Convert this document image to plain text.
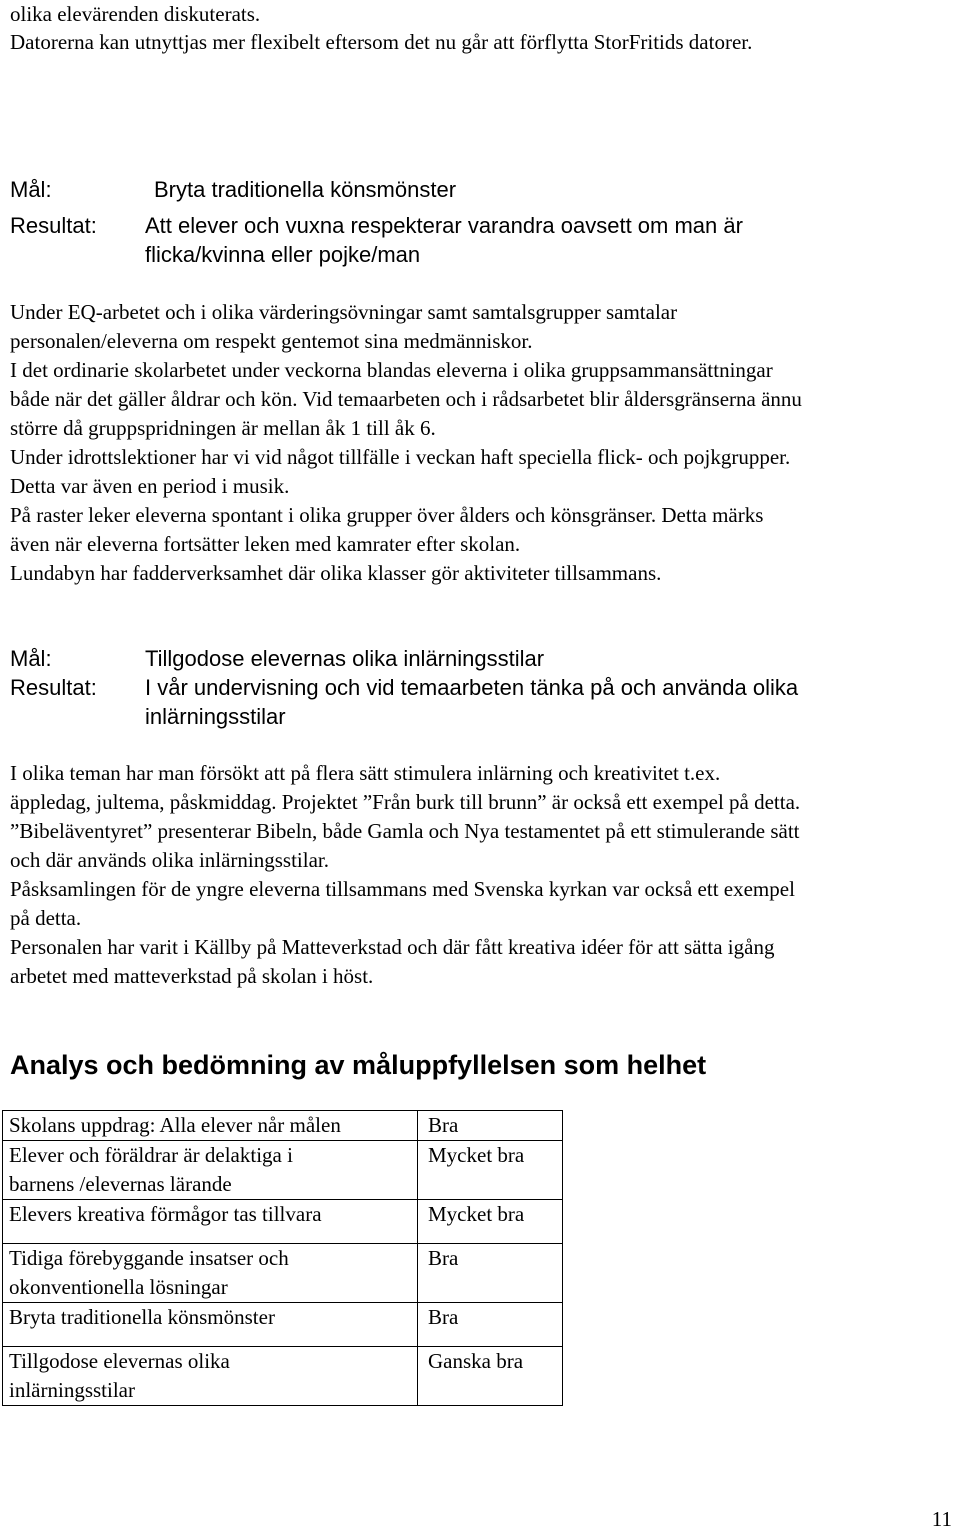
olika elevärenden diskuterats.
Datorerna kan utnyttjas mer flexibelt eftersom det nu går att förflytta StorFritids datorer.
Mål:	Bryta traditionella könsmönster
Resultat: Att elever och vuxna respekterar varandra oavsett om man är
flicka/kvinna eller pojke/man
Under EQ-arbetet och i olika värderingsövningar samt samtalsgrupper samtalar
personalen/eleverna om respekt gentemot sina medmänniskor.
I det ordinarie skolarbetet under veckorna blandas eleverna i olika gruppsammansättningar
både när det gäller åldrar och kön. Vid temaarbeten och i rådsarbetet blir åldersgränserna ännu
större då gruppspridningen är mellan åk 1 till åk 6.
Under idrottslektioner har vi vid något tillfälle i veckan haft speciella flick- och pojkgrupper.
Detta var även en period i musik.
På raster leker eleverna spontant i olika grupper över ålders och könsgränser. Detta märks
även när eleverna fortsätter leken med kamrater efter skolan.
Lundabyn har fadderverksamhet där olika klasser gör aktiviteter tillsammans.
Mål:	Tillgodose elevernas olika inlärningsstilar
Resultat: I vår undervisning och vid temaarbeten tänka på och använda olika
inlärningsstilar
I olika teman har man försökt att på flera sätt stimulera inlärning och kreativitet t.ex.
äppledag, jultema, påskmiddag. Projektet ”Från burk till brunn” är också ett exempel på detta.
”Bibeläventyret” presenterar Bibeln, både Gamla och Nya testamentet på ett stimulerande sätt
och där används olika inlärningsstilar.
Påsksamlingen för de yngre eleverna tillsammans med Svenska kyrkan var också ett exempel
på detta.
Personalen har varit i Källby på Matteverkstad och där fått kreativa idéer för att sätta igång
arbetet med matteverkstad på skolan i höst.
Analys och bedömning av måluppfyllelsen som helhet
Skolans uppdrag: Alla elever når målen	Bra

Elever och föräldrar är delaktiga i
barnens /elevernas lärande	Mycket bra

Elevers kreativa förmågor tas tillvara	Mycket bra

Tidiga förebyggande insatser och
okonventionella lösningar	Bra

Bryta traditionella könsmönster	Bra

Tillgodose elevernas olika
inlärningsstilar	Ganska bra
11
